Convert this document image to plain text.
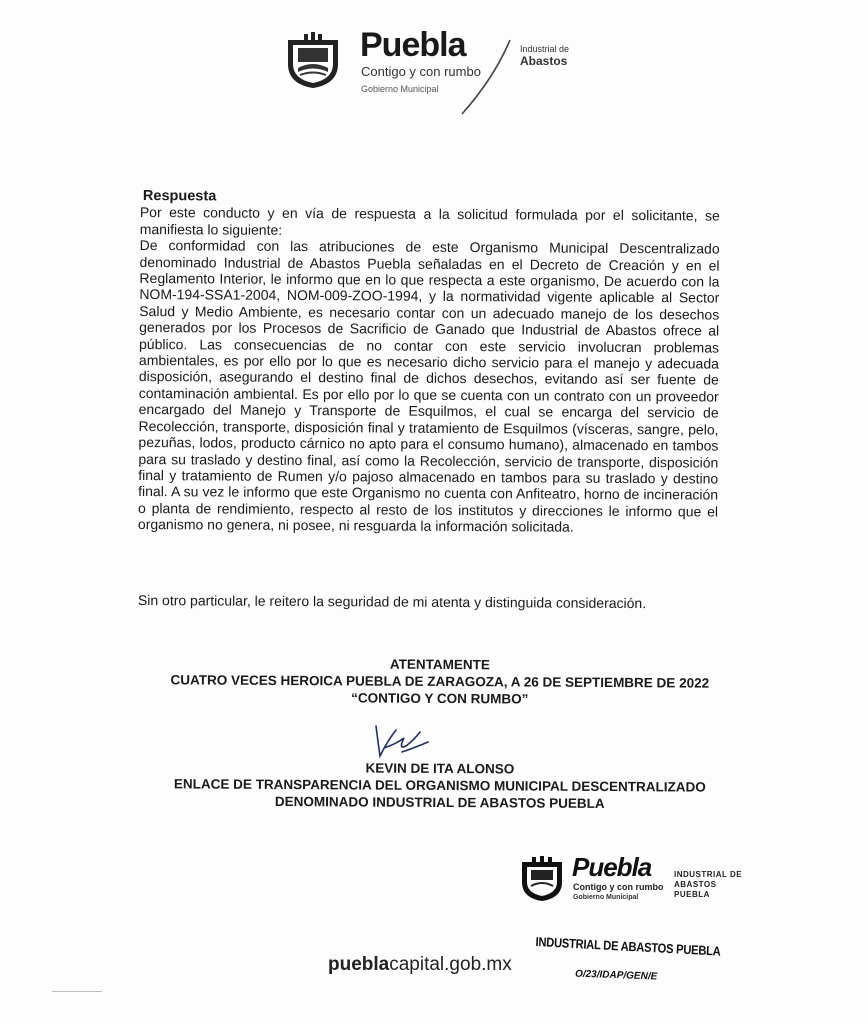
Puebla
Contigo y con rumbo
Gobierno Municipal
Industrial de
Abastos
Respuesta

Por este conducto y en vía de respuesta a la solicitud formulada por el solicitante, se manifiesta lo siguiente:

De conformidad con las atribuciones de este Organismo Municipal Descentralizado denominado Industrial de Abastos Puebla señaladas en el Decreto de Creación y en el Reglamento Interior, le informo que en lo que respecta a este organismo, De acuerdo con la NOM-194-SSA1-2004, NOM-009-ZOO-1994, y la normatividad vigente aplicable al Sector Salud y Medio Ambiente, es necesario contar con un adecuado manejo de los desechos generados por los Procesos de Sacrificio de Ganado que Industrial de Abastos ofrece al público. Las consecuencias de no contar con este servicio involucran problemas ambientales, es por ello por lo que es necesario dicho servicio para el manejo y adecuada disposición, asegurando el destino final de dichos desechos, evitando así ser fuente de contaminación ambiental. Es por ello por lo que se cuenta con un contrato con un proveedor encargado del Manejo y Transporte de Esquilmos, el cual se encarga del servicio de Recolección, transporte, disposición final y tratamiento de Esquilmos (vísceras, sangre, pelo, pezuñas, lodos, producto cárnico no apto para el consumo humano), almacenado en tambos para su traslado y destino final, así como la Recolección, servicio de transporte, disposición final y tratamiento de Rumen y/o pajoso almacenado en tambos para su traslado y destino final. A su vez le informo que este Organismo no cuenta con Anfiteatro, horno de incineración o planta de rendimiento, respecto al resto de los institutos y direcciones le informo que el organismo no genera, ni posee, ni resguarda la información solicitada.

Sin otro particular, le reitero la seguridad de mi atenta y distinguida consideración.
ATENTAMENTE
CUATRO VECES HEROICA PUEBLA DE ZARAGOZA, A 26 DE SEPTIEMBRE DE 2022
“CONTIGO Y CON RUMBO”
KEVIN DE ITA ALONSO
ENLACE DE TRANSPARENCIA DEL ORGANISMO MUNICIPAL DESCENTRALIZADO
DENOMINADO INDUSTRIAL DE ABASTOS PUEBLA
Puebla
Contigo y con rumbo
Gobierno Municipal
INDUSTRIAL DE
ABASTOS
PUEBLA
INDUSTRIAL DE ABASTOS PUEBLA
O/23/IDAP/GEN/E
pueblacapital.gob.mx
